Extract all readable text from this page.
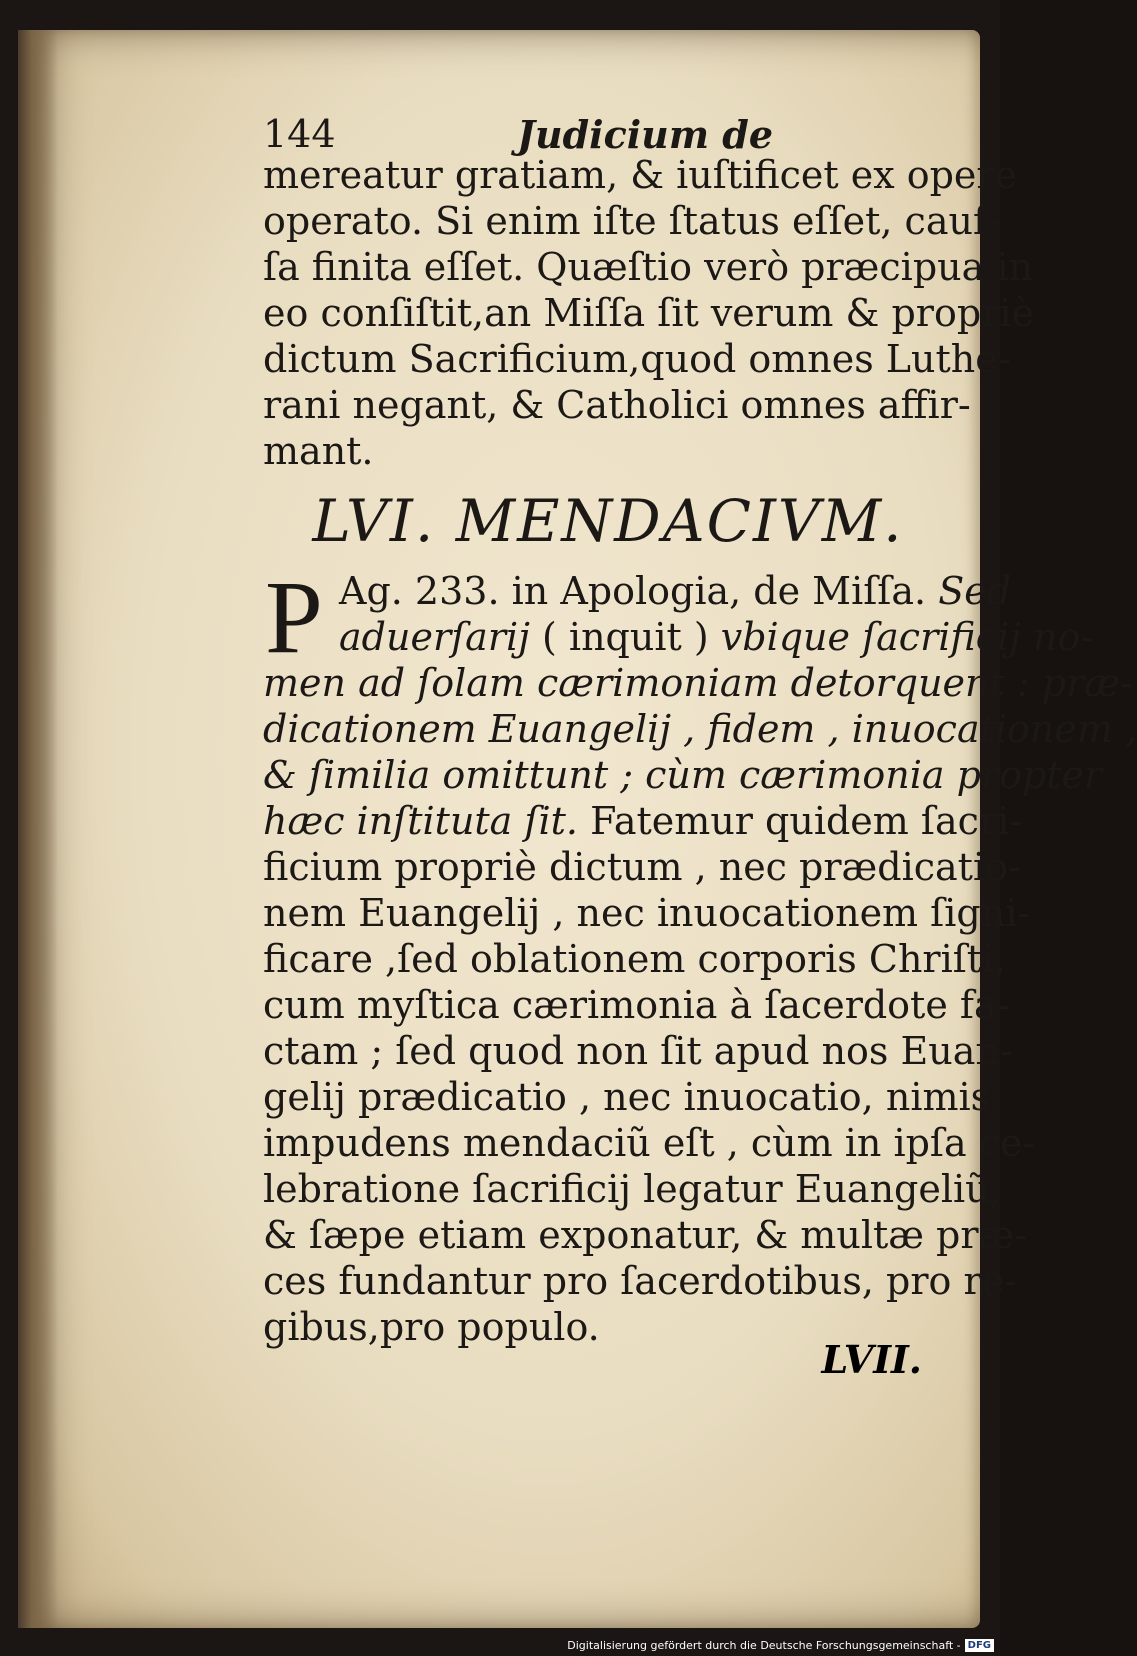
144	Judicium de
mereatur gratiam, & iuſtificet ex opere
operato. Si enim iſte ſtatus eſſet, cauſ-
ſa finita eſſet. Quæſtio verò præcipua in
eo conſiſtit,an Miſſa ſit verum & propriè
dictum Sacrificium,quod omnes Luthe-
rani negant, & Catholici omnes affir-
mant.
LVI. MENDACIVM.
P Ag. 233. in Apologia, de Miſſa. Sed
aduerſarij ( inquit ) vbique ſacrificij no-
men ad ſolam cærimoniam detorquent : præ-
dicationem Euangelij , fidem , inuocationem ,
& ſimilia omittunt ; cùm cærimonia propter
hæc inſtituta ſit. Fatemur quidem ſacri-
ficium propriè dictum , nec prædicatio-
nem Euangelij , nec inuocationem ſigni-
ficare ,ſed oblationem corporis Chriſti,
cum myſtica cærimonia à ſacerdote fa-
ctam ; ſed quod non ſit apud nos Euan-
gelij prædicatio , nec inuocatio, nimis
impudens mendaciũ eſt , cùm in ipſa ce-
lebratione ſacrificij legatur Euangeliũ,
& ſæpe etiam exponatur, & multæ præ-
ces fundantur pro ſacerdotibus, pro re-
gibus,pro populo.
LVII.
Digitalisierung gefördert durch die Deutsche Forschungsgemeinschaft - DFG
